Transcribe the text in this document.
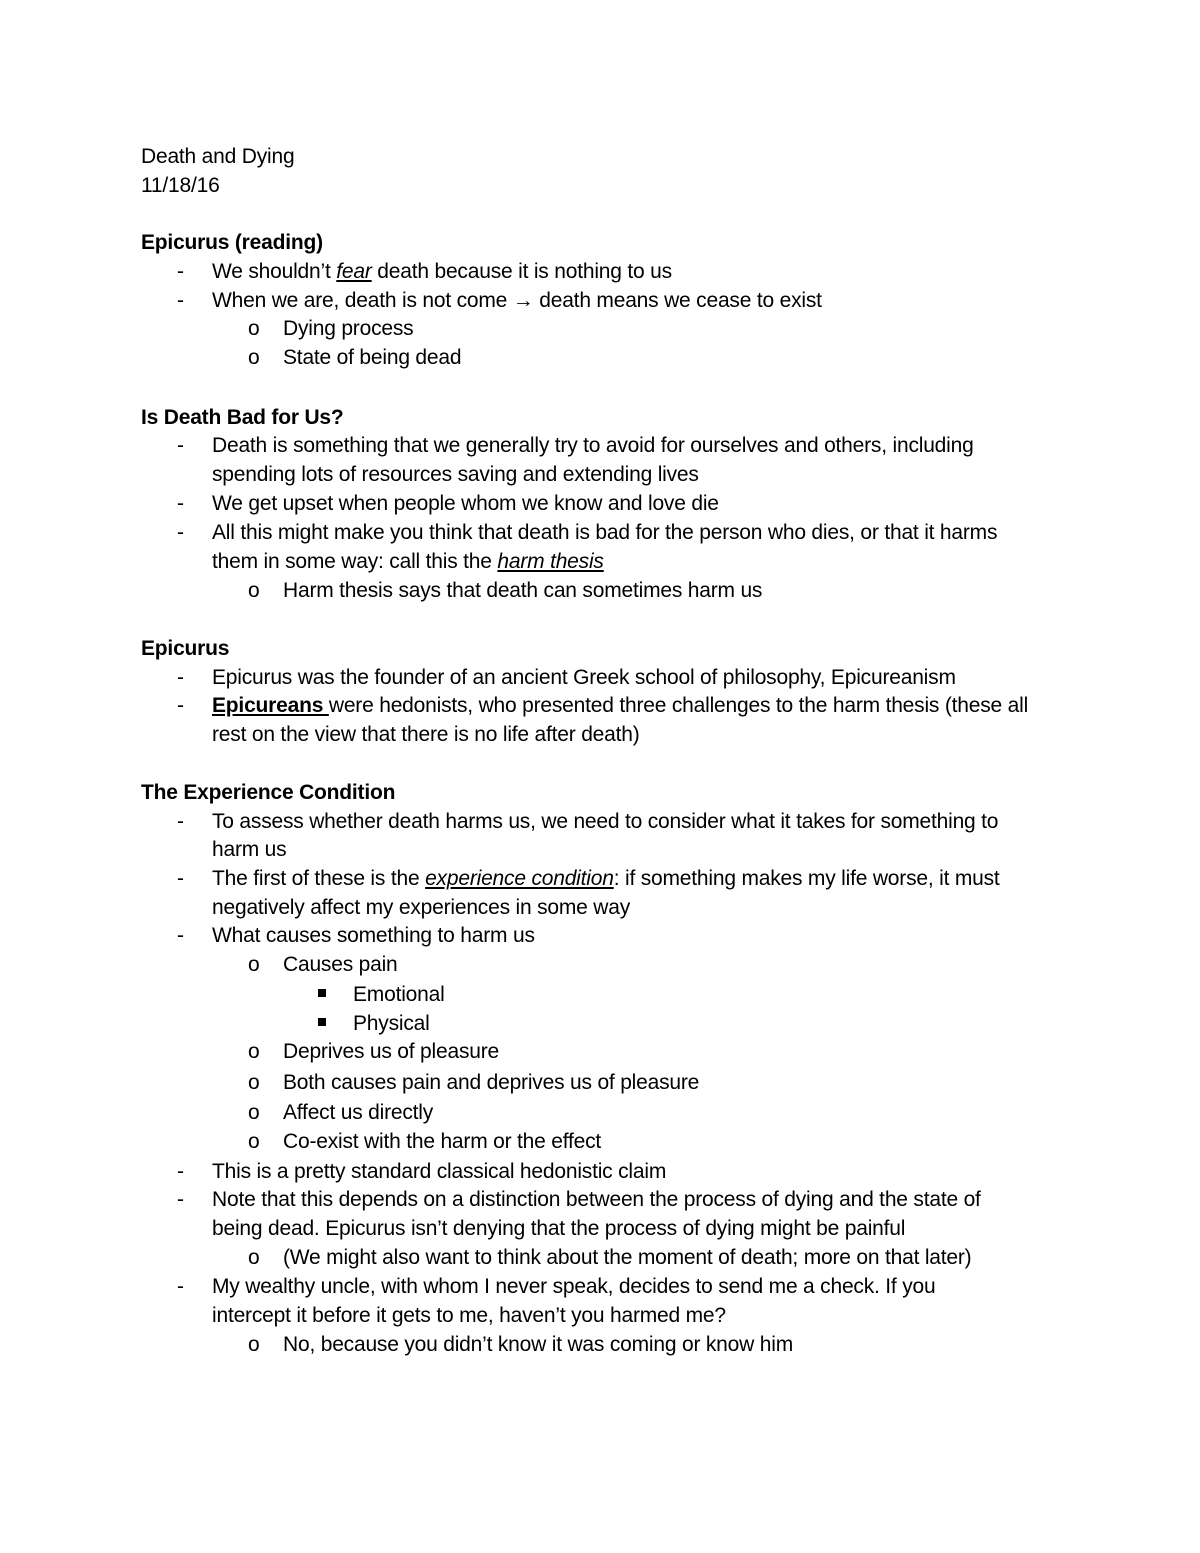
Death and Dying
11/18/16
Epicurus (reading)
- We shouldn’t fear death because it is nothing to us
- When we are, death is not come → death means we cease to exist
o Dying process
o State of being dead
Is Death Bad for Us?
- Death is something that we generally try to avoid for ourselves and others, including
spending lots of resources saving and extending lives
- We get upset when people whom we know and love die
- All this might make you think that death is bad for the person who dies, or that it harms
them in some way: call this the harm thesis
o Harm thesis says that death can sometimes harm us
Epicurus
- Epicurus was the founder of an ancient Greek school of philosophy, Epicureanism
- Epicureans were hedonists, who presented three challenges to the harm thesis (these all
rest on the view that there is no life after death)
The Experience Condition
- To assess whether death harms us, we need to consider what it takes for something to
harm us
- The first of these is the experience condition: if something makes my life worse, it must
negatively affect my experiences in some way
- What causes something to harm us
o Causes pain
Emotional
Physical
o Deprives us of pleasure
o Both causes pain and deprives us of pleasure
o Affect us directly
o Co-exist with the harm or the effect
- This is a pretty standard classical hedonistic claim
- Note that this depends on a distinction between the process of dying and the state of
being dead. Epicurus isn’t denying that the process of dying might be painful
o (We might also want to think about the moment of death; more on that later)
- My wealthy uncle, with whom I never speak, decides to send me a check. If you
intercept it before it gets to me, haven’t you harmed me?
o No, because you didn’t know it was coming or know him
